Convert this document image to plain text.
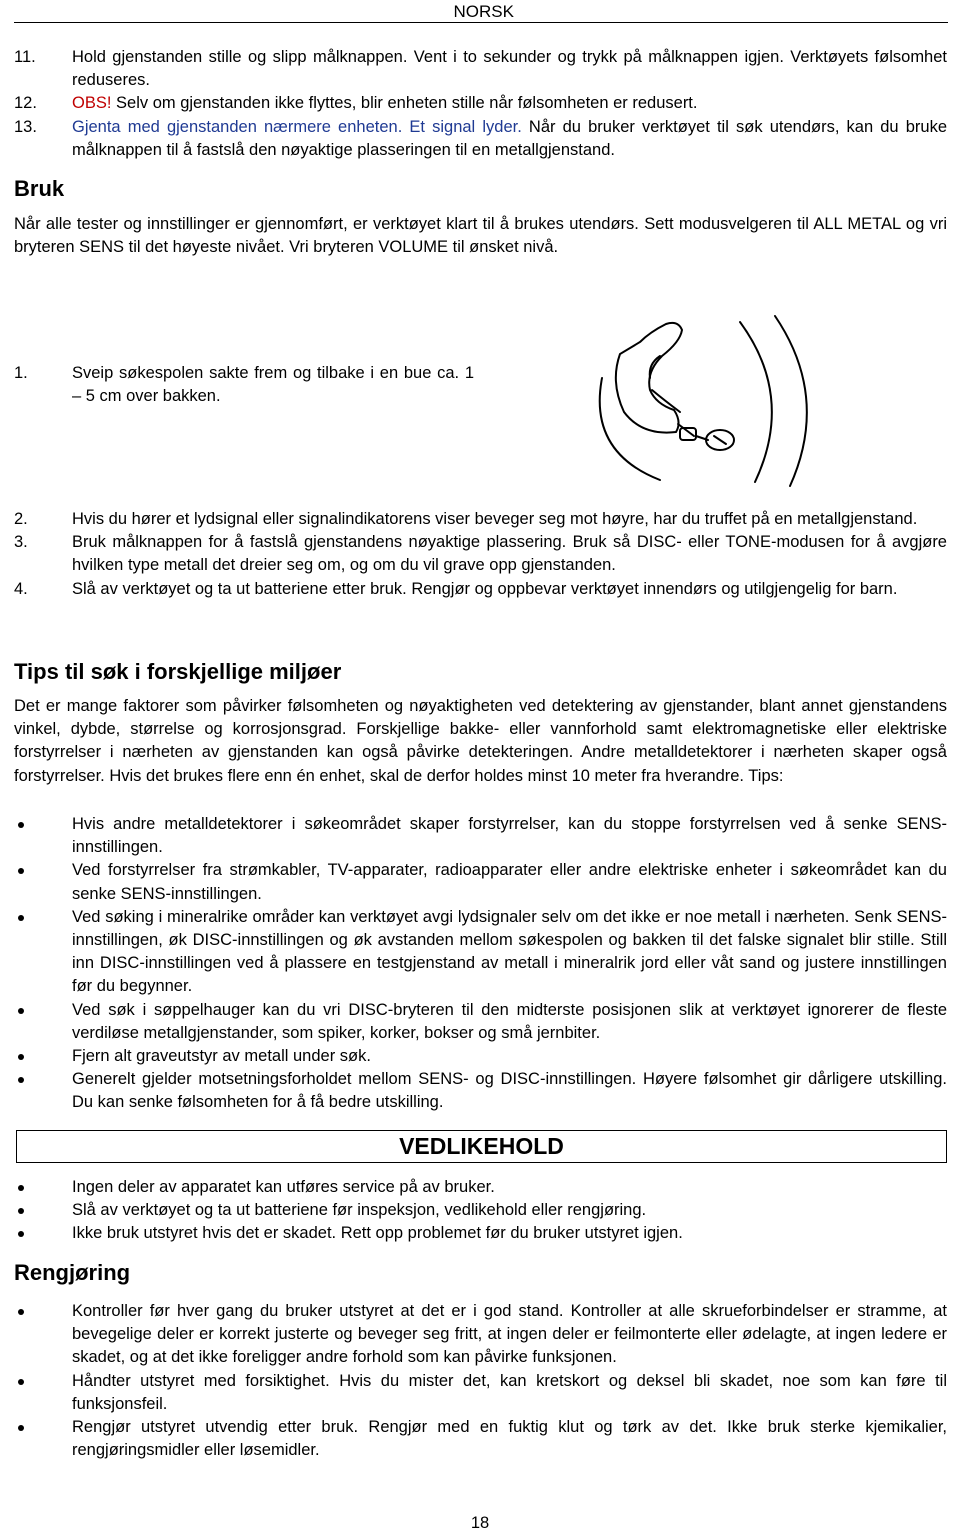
NORSK
11.	Hold gjenstanden stille og slipp målknappen. Vent i to sekunder og trykk på målknappen igjen. Verktøyets følsomhet reduseres.
12.	OBS! Selv om gjenstanden ikke flyttes, blir enheten stille når følsomheten er redusert.
13.	Gjenta med gjenstanden nærmere enheten. Et signal lyder. Når du bruker verktøyet til søk utendørs, kan du bruke målknappen til å fastslå den nøyaktige plasseringen til en metallgjenstand.
Bruk

Når alle tester og innstillinger er gjennomført, er verktøyet klart til å brukes utendørs. Sett modusvelgeren til ALL METAL og vri bryteren SENS til det høyeste nivået. Vri bryteren VOLUME til ønsket nivå.

1.	Sveip søkespolen sakte frem og tilbake i en bue ca. 1 – 5 cm over bakken.
2.	Hvis du hører et lydsignal eller signalindikatorens viser beveger seg mot høyre, har du truffet på en metallgjenstand.
3.	Bruk målknappen for å fastslå gjenstandens nøyaktige plassering. Bruk så DISC- eller TONE-modusen for å avgjøre hvilken type metall det dreier seg om, og om du vil grave opp gjenstanden.
4.	Slå av verktøyet og ta ut batteriene etter bruk. Rengjør og oppbevar verktøyet innendørs og utilgjengelig for barn.
Tips til søk i forskjellige miljøer

Det er mange faktorer som påvirker følsomheten og nøyaktigheten ved detektering av gjenstander, blant annet gjenstandens vinkel, dybde, størrelse og korrosjonsgrad. Forskjellige bakke- eller vannforhold samt elektromagnetiske eller elektriske forstyrrelser i nærheten av gjenstanden kan også påvirke detekteringen. Andre metalldetektorer i nærheten skaper også forstyrrelser. Hvis det brukes flere enn én enhet, skal de derfor holdes minst 10 meter fra hverandre. Tips:

Hvis andre metalldetektorer i søkeområdet skaper forstyrrelser, kan du stoppe forstyrrelsen ved å senke SENS-innstillingen.
Ved forstyrrelser fra strømkabler, TV-apparater, radioapparater eller andre elektriske enheter i søkeområdet kan du senke SENS-innstillingen.
Ved søking i mineralrike områder kan verktøyet avgi lydsignaler selv om det ikke er noe metall i nærheten. Senk SENS-innstillingen, øk DISC-innstillingen og øk avstanden mellom søkespolen og bakken til det falske signalet blir stille. Still inn DISC-innstillingen ved å plassere en testgjenstand av metall i mineralrik jord eller våt sand og justere innstillingen før du begynner.
Ved søk i søppelhauger kan du vri DISC-bryteren til den midterste posisjonen slik at verktøyet ignorerer de fleste verdiløse metallgjenstander, som spiker, korker, bokser og små jernbiter.
Fjern alt graveutstyr av metall under søk.
Generelt gjelder motsetningsforholdet mellom SENS- og DISC-innstillingen. Høyere følsomhet gir dårligere utskilling. Du kan senke følsomheten for å få bedre utskilling.
VEDLIKEHOLD
Ingen deler av apparatet kan utføres service på av bruker.
Slå av verktøyet og ta ut batteriene før inspeksjon, vedlikehold eller rengjøring.
Ikke bruk utstyret hvis det er skadet. Rett opp problemet før du bruker utstyret igjen.
Rengjøring
Kontroller før hver gang du bruker utstyret at det er i god stand. Kontroller at alle skrueforbindelser er stramme, at bevegelige deler er korrekt justerte og beveger seg fritt, at ingen deler er feilmonterte eller ødelagte, at ingen ledere er skadet, og at det ikke foreligger andre forhold som kan påvirke funksjonen.
Håndter utstyret med forsiktighet. Hvis du mister det, kan kretskort og deksel bli skadet, noe som kan føre til funksjonsfeil.
Rengjør utstyret utvendig etter bruk. Rengjør med en fuktig klut og tørk av det. Ikke bruk sterke kjemikalier, rengjøringsmidler eller løsemidler.
18
